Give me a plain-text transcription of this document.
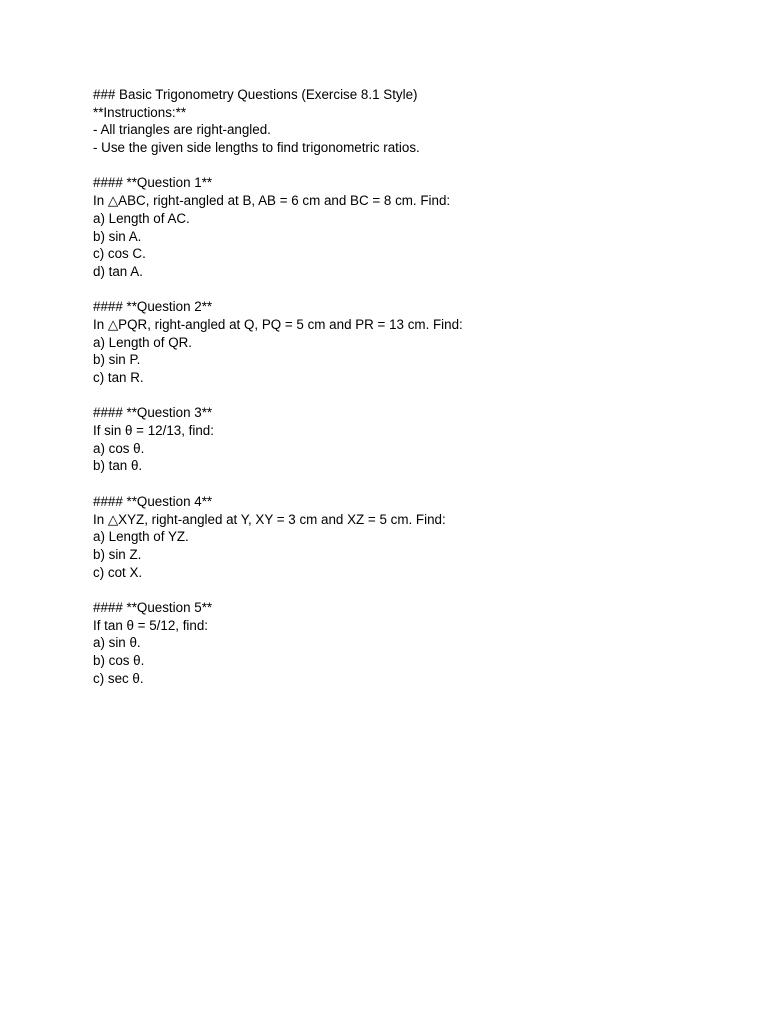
### Basic Trigonometry Questions (Exercise 8.1 Style)
**Instructions:**
- All triangles are right-angled.
- Use the given side lengths to find trigonometric ratios.
#### **Question 1**
In △ABC, right-angled at B, AB = 6 cm and BC = 8 cm. Find:
a) Length of AC.
b) sin A.
c) cos C.
d) tan A.
#### **Question 2**
In △PQR, right-angled at Q, PQ = 5 cm and PR = 13 cm. Find:
a) Length of QR.
b) sin P.
c) tan R.
#### **Question 3**
If sin θ = 12/13, find:
a) cos θ.
b) tan θ.
#### **Question 4**
In △XYZ, right-angled at Y, XY = 3 cm and XZ = 5 cm. Find:
a) Length of YZ.
b) sin Z.
c) cot X.
#### **Question 5**
If tan θ = 5/12, find:
a) sin θ.
b) cos θ.
c) sec θ.
